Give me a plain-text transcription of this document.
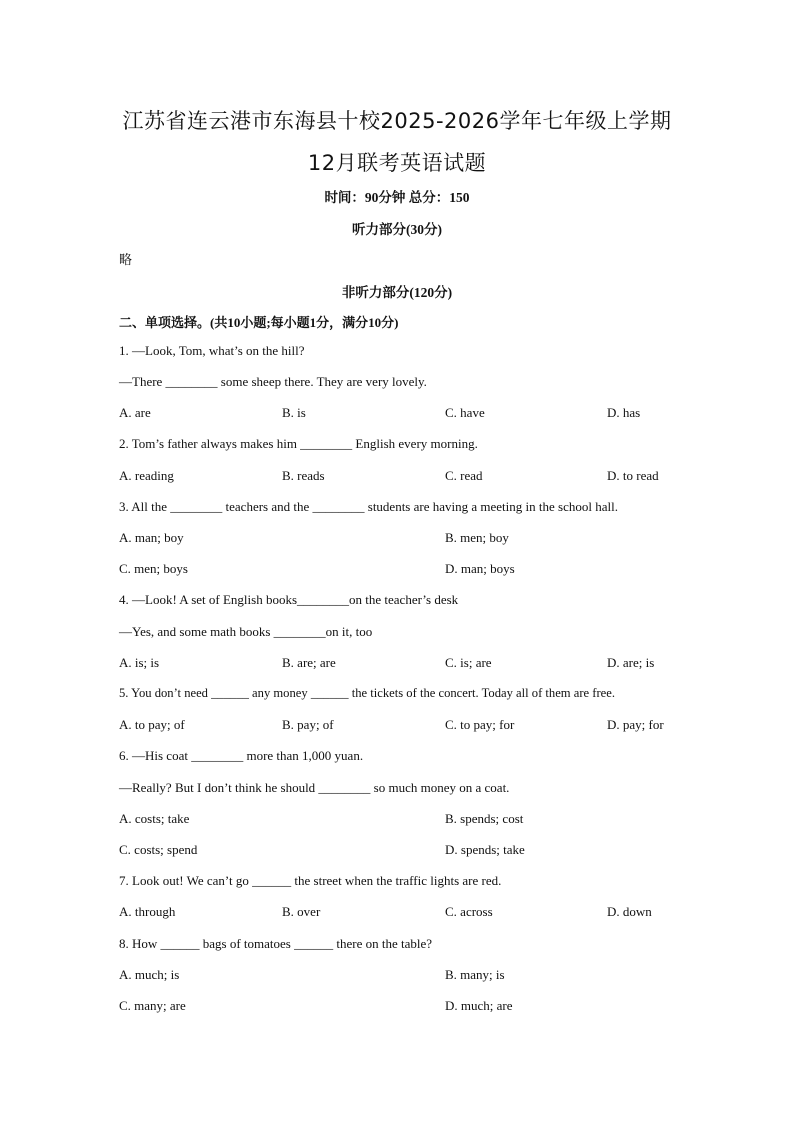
江苏省连云港市东海县十校2025-2026学年七年级上学期
12月联考英语试题
时间：90分钟 总分：150
听力部分(30分)
略
非听力部分(120分)
二、单项选择。(共10小题;每小题1分，满分10分)
1. —Look, Tom, what’s on the hill?
—There ________ some sheep there. They are very lovely.
A. are	B. is	C. have	D. has
2. Tom’s father always makes him ________ English every morning.
A. reading	B. reads	C. read	D. to read
3. All the ________ teachers and the ________ students are having a meeting in the school hall.
A. man; boy	B. men; boy
C. men; boys	D. man; boys
4. —Look! A set of English books________on the teacher’s desk
—Yes, and some math books ________on it, too
A. is; is	B. are; are	C. is; are	D. are; is
5. You don’t need ______ any money ______ the tickets of the concert. Today all of them are free.
A. to pay; of	B. pay; of	C. to pay; for	D. pay; for
6. —His coat ________ more than 1,000 yuan.
—Really? But I don’t think he should ________ so much money on a coat.
A. costs; take	B. spends; cost
C. costs; spend	D. spends; take
7. Look out! We can’t go ______ the street when the traffic lights are red.
A. through	B. over	C. across	D. down
8. How ______ bags of tomatoes ______ there on the table?
A. much; is	B. many; is
C. many; are	D. much; are
